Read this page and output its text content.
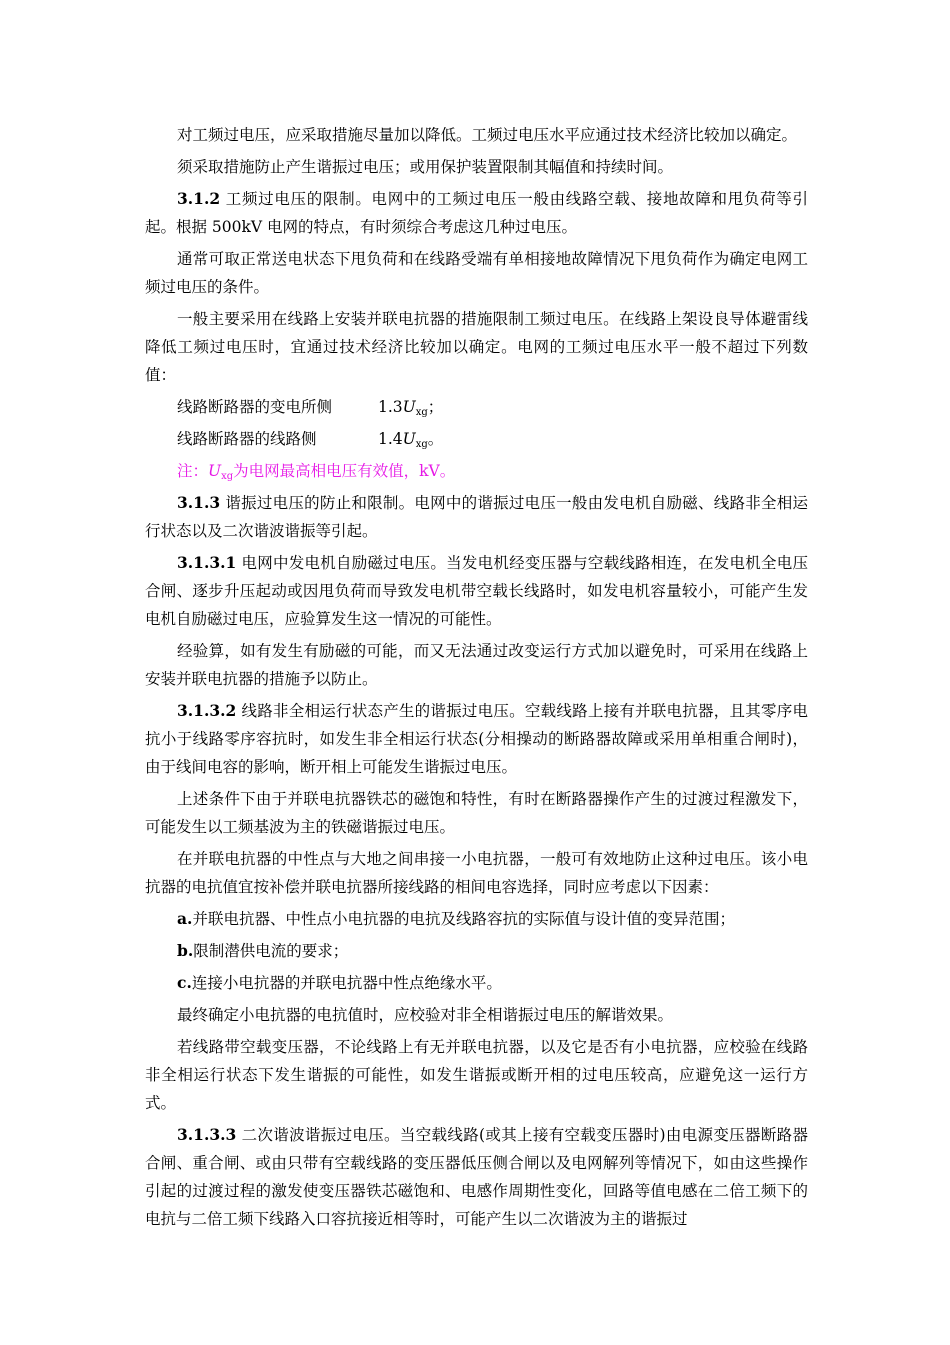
对工频过电压，应采取措施尽量加以降低。工频过电压水平应通过技术经济比较加以确定。

须采取措施防止产生谐振过电压；或用保护装置限制其幅值和持续时间。

3.1.2 工频过电压的限制。电网中的工频过电压一般由线路空载、接地故障和甩负荷等引起。根据 500kV 电网的特点，有时须综合考虑这几种过电压。

通常可取正常送电状态下甩负荷和在线路受端有单相接地故障情况下甩负荷作为确定电网工频过电压的条件。

一般主要采用在线路上安装并联电抗器的措施限制工频过电压。在线路上架设良导体避雷线降低工频过电压时，宜通过技术经济比较加以确定。电网的工频过电压水平一般不超过下列数值：

线路断路器的变电所侧	$1.3U_{xg}$；
线路断路器的线路侧	$1.4U_{xg}$。

注：$U_{xg}$为电网最高相电压有效值，kV。

3.1.3 谐振过电压的防止和限制。电网中的谐振过电压一般由发电机自励磁、线路非全相运行状态以及二次谐波谐振等引起。

3.1.3.1 电网中发电机自励磁过电压。当发电机经变压器与空载线路相连，在发电机全电压合闸、逐步升压起动或因甩负荷而导致发电机带空载长线路时，如发电机容量较小，可能产生发电机自励磁过电压，应验算发生这一情况的可能性。

经验算，如有发生有励磁的可能，而又无法通过改变运行方式加以避免时，可采用在线路上安装并联电抗器的措施予以防止。

3.1.3.2 线路非全相运行状态产生的谐振过电压。空载线路上接有并联电抗器，且其零序电抗小于线路零序容抗时，如发生非全相运行状态(分相操动的断路器故障或采用单相重合闸时)，由于线间电容的影响，断开相上可能发生谐振过电压。

上述条件下由于并联电抗器铁芯的磁饱和特性，有时在断路器操作产生的过渡过程激发下，可能发生以工频基波为主的铁磁谐振过电压。

在并联电抗器的中性点与大地之间串接一小电抗器，一般可有效地防止这种过电压。该小电抗器的电抗值宜按补偿并联电抗器所接线路的相间电容选择，同时应考虑以下因素：

a.并联电抗器、中性点小电抗器的电抗及线路容抗的实际值与设计值的变异范围；

b.限制潜供电流的要求；

c.连接小电抗器的并联电抗器中性点绝缘水平。

最终确定小电抗器的电抗值时，应校验对非全相谐振过电压的解谐效果。

若线路带空载变压器，不论线路上有无并联电抗器，以及它是否有小电抗器，应校验在线路非全相运行状态下发生谐振的可能性，如发生谐振或断开相的过电压较高，应避免这一运行方式。

3.1.3.3 二次谐波谐振过电压。当空载线路(或其上接有空载变压器时)由电源变压器断路器合闸、重合闸、或由只带有空载线路的变压器低压侧合闸以及电网解列等情况下，如由这些操作引起的过渡过程的激发使变压器铁芯磁饱和、电感作周期性变化，回路等值电感在二倍工频下的电抗与二倍工频下线路入口容抗接近相等时，可能产生以二次谐波为主的谐振过
